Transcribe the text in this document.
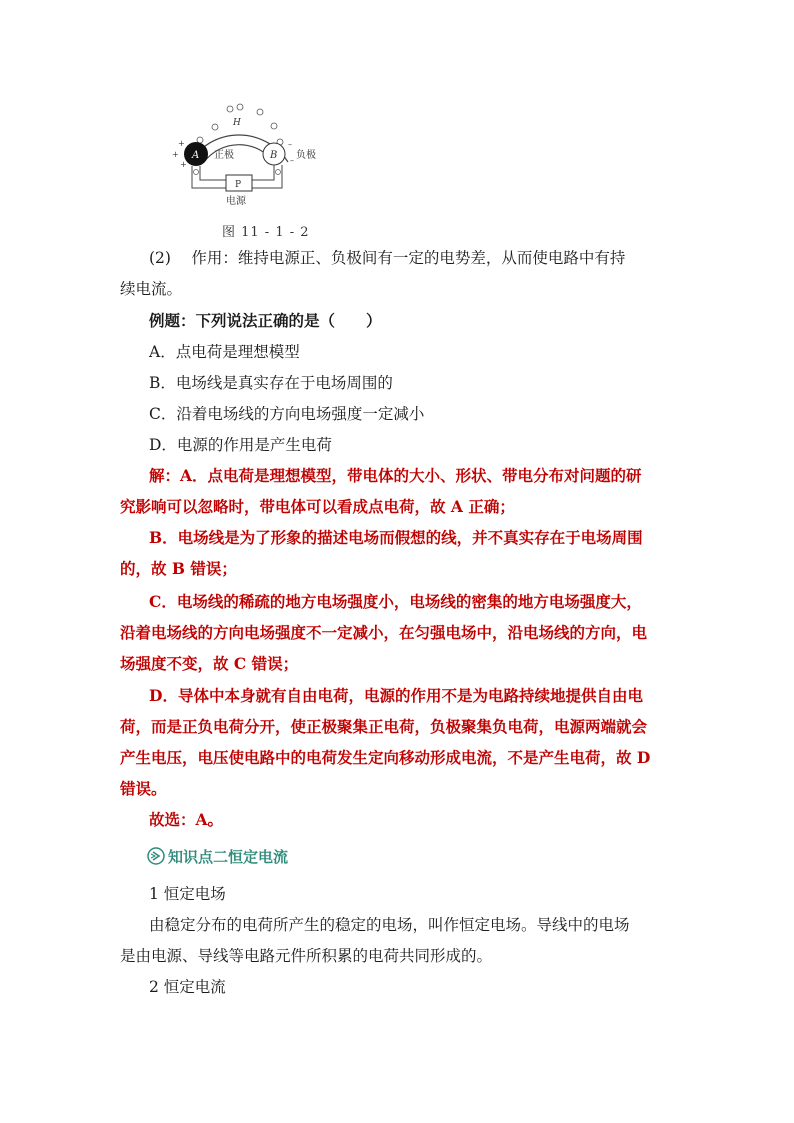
H
A
+
+
+	正极	B
–
– 负极
P
电源
图 11 - 1 - 2
(2)　 作用：维持电源正、负极间有一定的电势差，从而使电路中有持
续电流。
例题：下列说法正确的是（　　）
A．点电荷是理想模型
B．电场线是真实存在于电场周围的
C．沿着电场线的方向电场强度一定减小
D．电源的作用是产生电荷
解：A．点电荷是理想模型，带电体的大小、形状、带电分布对问题的研
究影响可以忽略时，带电体可以看成点电荷，故 A 正确；
B．电场线是为了形象的描述电场而假想的线，并不真实存在于电场周围
的，故 B 错误；
C．电场线的稀疏的地方电场强度小，电场线的密集的地方电场强度大，
沿着电场线的方向电场强度不一定减小，在匀强电场中，沿电场线的方向，电
场强度不变，故 C 错误；
D．导体中本身就有自由电荷，电源的作用不是为电路持续地提供自由电
荷，而是正负电荷分开，使正极聚集正电荷，负极聚集负电荷，电源两端就会
产生电压，电压使电路中的电荷发生定向移动形成电流，不是产生电荷，故 D
错误。
故选：A。
知识点二恒定电流
1 恒定电场
由稳定分布的电荷所产生的稳定的电场，叫作恒定电场。导线中的电场
是由电源、导线等电路元件所积累的电荷共同形成的。
2 恒定电流
